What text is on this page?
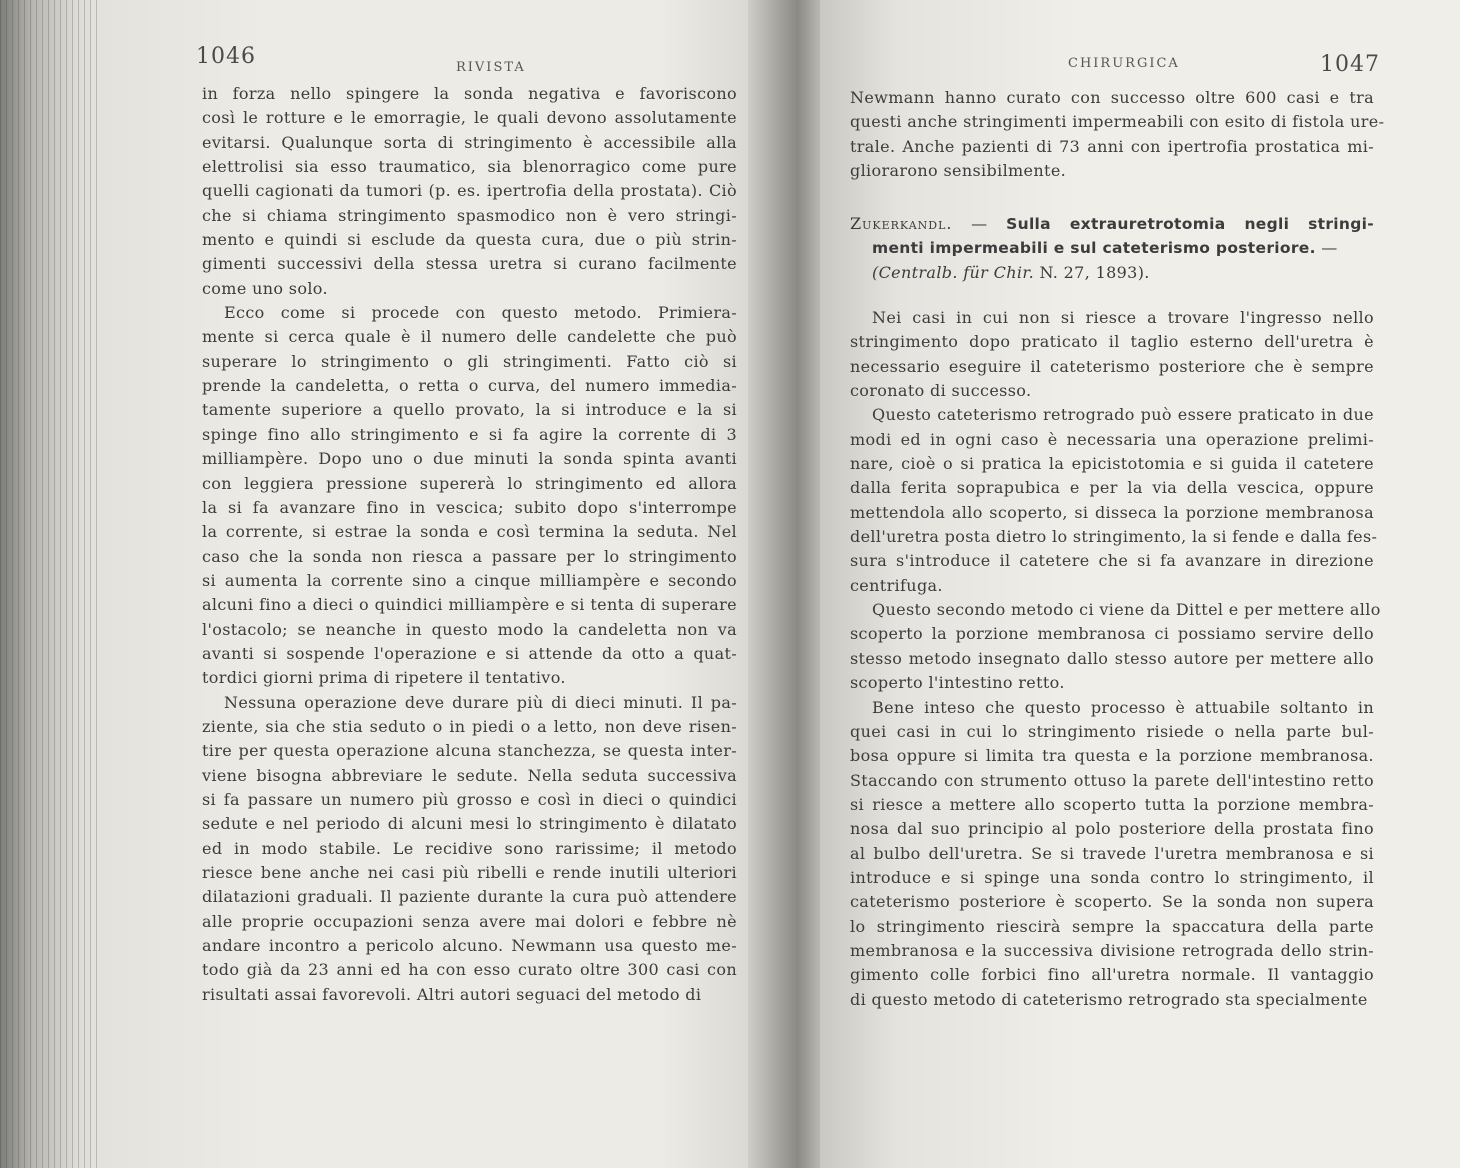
1046	RIVISTA
in forza nello spingere la sonda negativa e favoriscono
così le rotture e le emorragie, le quali devono assolutamente
evitarsi. Qualunque sorta di stringimento è accessibile alla
elettrolisi sia esso traumatico, sia blenorragico come pure
quelli cagionati da tumori (p. es. ipertrofia della prostata). Ciò
che si chiama stringimento spasmodico non è vero stringi-
mento e quindi si esclude da questa cura, due o più strin-
gimenti successivi della stessa uretra si curano facilmente
come uno solo.
Ecco come si procede con questo metodo. Primiera-
mente si cerca quale è il numero delle candelette che può
superare lo stringimento o gli stringimenti. Fatto ciò si
prende la candeletta, o retta o curva, del numero immedia-
tamente superiore a quello provato, la si introduce e la si
spinge fino allo stringimento e si fa agire la corrente di 3
milliampère. Dopo uno o due minuti la sonda spinta avanti
con leggiera pressione supererà lo stringimento ed allora
la si fa avanzare fino in vescica; subito dopo s'interrompe
la corrente, si estrae la sonda e così termina la seduta. Nel
caso che la sonda non riesca a passare per lo stringimento
si aumenta la corrente sino a cinque milliampère e secondo
alcuni fino a dieci o quindici milliampère e si tenta di superare
l'ostacolo; se neanche in questo modo la candeletta non va
avanti si sospende l'operazione e si attende da otto a quat-
tordici giorni prima di ripetere il tentativo.
Nessuna operazione deve durare più di dieci minuti. Il pa-
ziente, sia che stia seduto o in piedi o a letto, non deve risen-
tire per questa operazione alcuna stanchezza, se questa inter-
viene bisogna abbreviare le sedute. Nella seduta successiva
si fa passare un numero più grosso e così in dieci o quindici
sedute e nel periodo di alcuni mesi lo stringimento è dilatato
ed in modo stabile. Le recidive sono rarissime; il metodo
riesce bene anche nei casi più ribelli e rende inutili ulteriori
dilatazioni graduali. Il paziente durante la cura può attendere
alle proprie occupazioni senza avere mai dolori e febbre nè
andare incontro a pericolo alcuno. Newmann usa questo me-
todo già da 23 anni ed ha con esso curato oltre 300 casi con
risultati assai favorevoli. Altri autori seguaci del metodo di
CHIRURGICA	1047
Newmann hanno curato con successo oltre 600 casi e tra
questi anche stringimenti impermeabili con esito di fistola ure-
trale. Anche pazienti di 73 anni con ipertrofia prostatica mi-
gliorarono sensibilmente.
Zukerkandl. — Sulla extrauretrotomia negli stringi-
menti impermeabili e sul cateterismo posteriore. —
(Centralb. für Chir. N. 27, 1893).
Nei casi in cui non si riesce a trovare l'ingresso nello
stringimento dopo praticato il taglio esterno dell'uretra è
necessario eseguire il cateterismo posteriore che è sempre
coronato di successo.
Questo cateterismo retrogrado può essere praticato in due
modi ed in ogni caso è necessaria una operazione prelimi-
nare, cioè o si pratica la epicistotomia e si guida il catetere
dalla ferita soprapubica e per la via della vescica, oppure
mettendola allo scoperto, si disseca la porzione membranosa
dell'uretra posta dietro lo stringimento, la si fende e dalla fes-
sura s'introduce il catetere che si fa avanzare in direzione
centrifuga.
Questo secondo metodo ci viene da Dittel e per mettere allo
scoperto la porzione membranosa ci possiamo servire dello
stesso metodo insegnato dallo stesso autore per mettere allo
scoperto l'intestino retto.
Bene inteso che questo processo è attuabile soltanto in
quei casi in cui lo stringimento risiede o nella parte bul-
bosa oppure si limita tra questa e la porzione membranosa.
Staccando con strumento ottuso la parete dell'intestino retto
si riesce a mettere allo scoperto tutta la porzione membra-
nosa dal suo principio al polo posteriore della prostata fino
al bulbo dell'uretra. Se si travede l'uretra membranosa e si
introduce e si spinge una sonda contro lo stringimento, il
cateterismo posteriore è scoperto. Se la sonda non supera
lo stringimento riescirà sempre la spaccatura della parte
membranosa e la successiva divisione retrograda dello strin-
gimento colle forbici fino all'uretra normale. Il vantaggio
di questo metodo di cateterismo retrogrado sta specialmente
